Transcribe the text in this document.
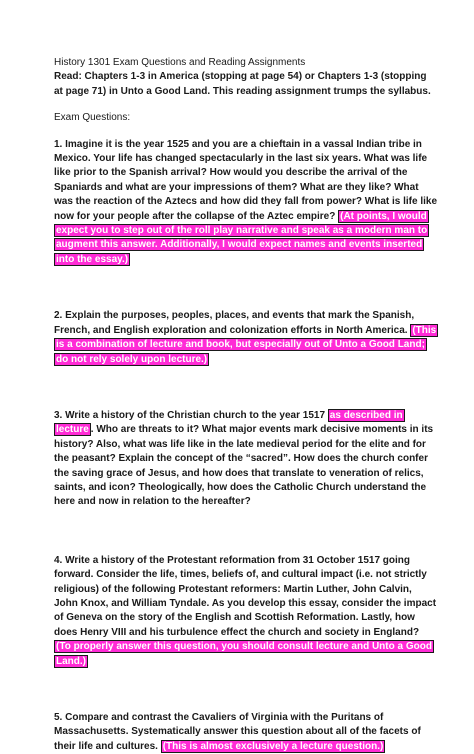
History 1301 Exam Questions and Reading Assignments

Read: Chapters 1-3 in America (stopping at page 54) or Chapters 1-3 (stopping at page 71) in Unto a Good Land. This reading assignment trumps the syllabus.

Exam Questions:

1. Imagine it is the year 1525 and you are a chieftain in a vassal Indian tribe in Mexico. Your life has changed spectacularly in the last six years. What was life like prior to the Spanish arrival? How would you describe the arrival of the Spaniards and what are your impressions of them? What are they like? What was the reaction of the Aztecs and how did they fall from power? What is life like now for your people after the collapse of the Aztec empire? (At points, I would expect you to step out of the roll play narrative and speak as a modern man to augment this answer. Additionally, I would expect names and events inserted into the essay.)

2. Explain the purposes, peoples, places, and events that mark the Spanish, French, and English exploration and colonization efforts in North America. (This is a combination of lecture and book, but especially out of Unto a Good Land; do not rely solely upon lecture.)

3. Write a history of the Christian church to the year 1517 as described in lecture . Who are threats to it? What major events mark decisive moments in its history? Also, what was life like in the late medieval period for the elite and for the peasant? Explain the concept of the “sacred”. How does the church confer the saving grace of Jesus, and how does that translate to veneration of relics, saints, and icon? Theologically, how does the Catholic Church understand the here and now in relation to the hereafter?

4. Write a history of the Protestant reformation from 31 October 1517 going forward. Consider the life, times, beliefs of, and cultural impact (i.e. not strictly religious) of the following Protestant reformers: Martin Luther, John Calvin, John Knox, and William Tyndale. As you develop this essay, consider the impact of Geneva on the story of the English and Scottish Reformation. Lastly, how does Henry VIII and his turbulence effect the church and society in England? (To properly answer this question, you should consult lecture and Unto a Good Land.)

5. Compare and contrast the Cavaliers of Virginia with the Puritans of Massachusetts. Systematically answer this question about all of the facets of their life and cultures. (This is almost exclusively a lecture question.)
